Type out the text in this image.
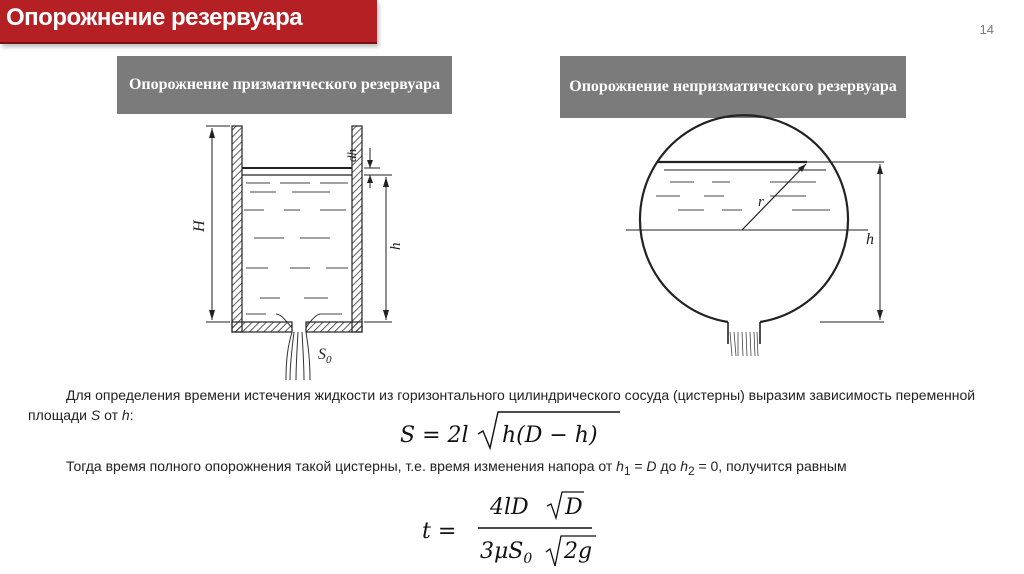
Опорожнение резервуара	14
Опорожнение призматического резервуара	Опорожнение непризматического резервуара
H
h
dh
$S_0$
r
h
Для определения времени истечения жидкости из горизонтального цилиндрического сосуда (цистерны) выразим зависимость переменной площади S от h:
S = 2l h(D − h)
Тогда время полного опорожнения такой цистерны, т.е. время изменения напора от $h_1 = D$ до $h_2 = 0$, получится равным
t =
4lD D
$3\mu S_0$ 2g
